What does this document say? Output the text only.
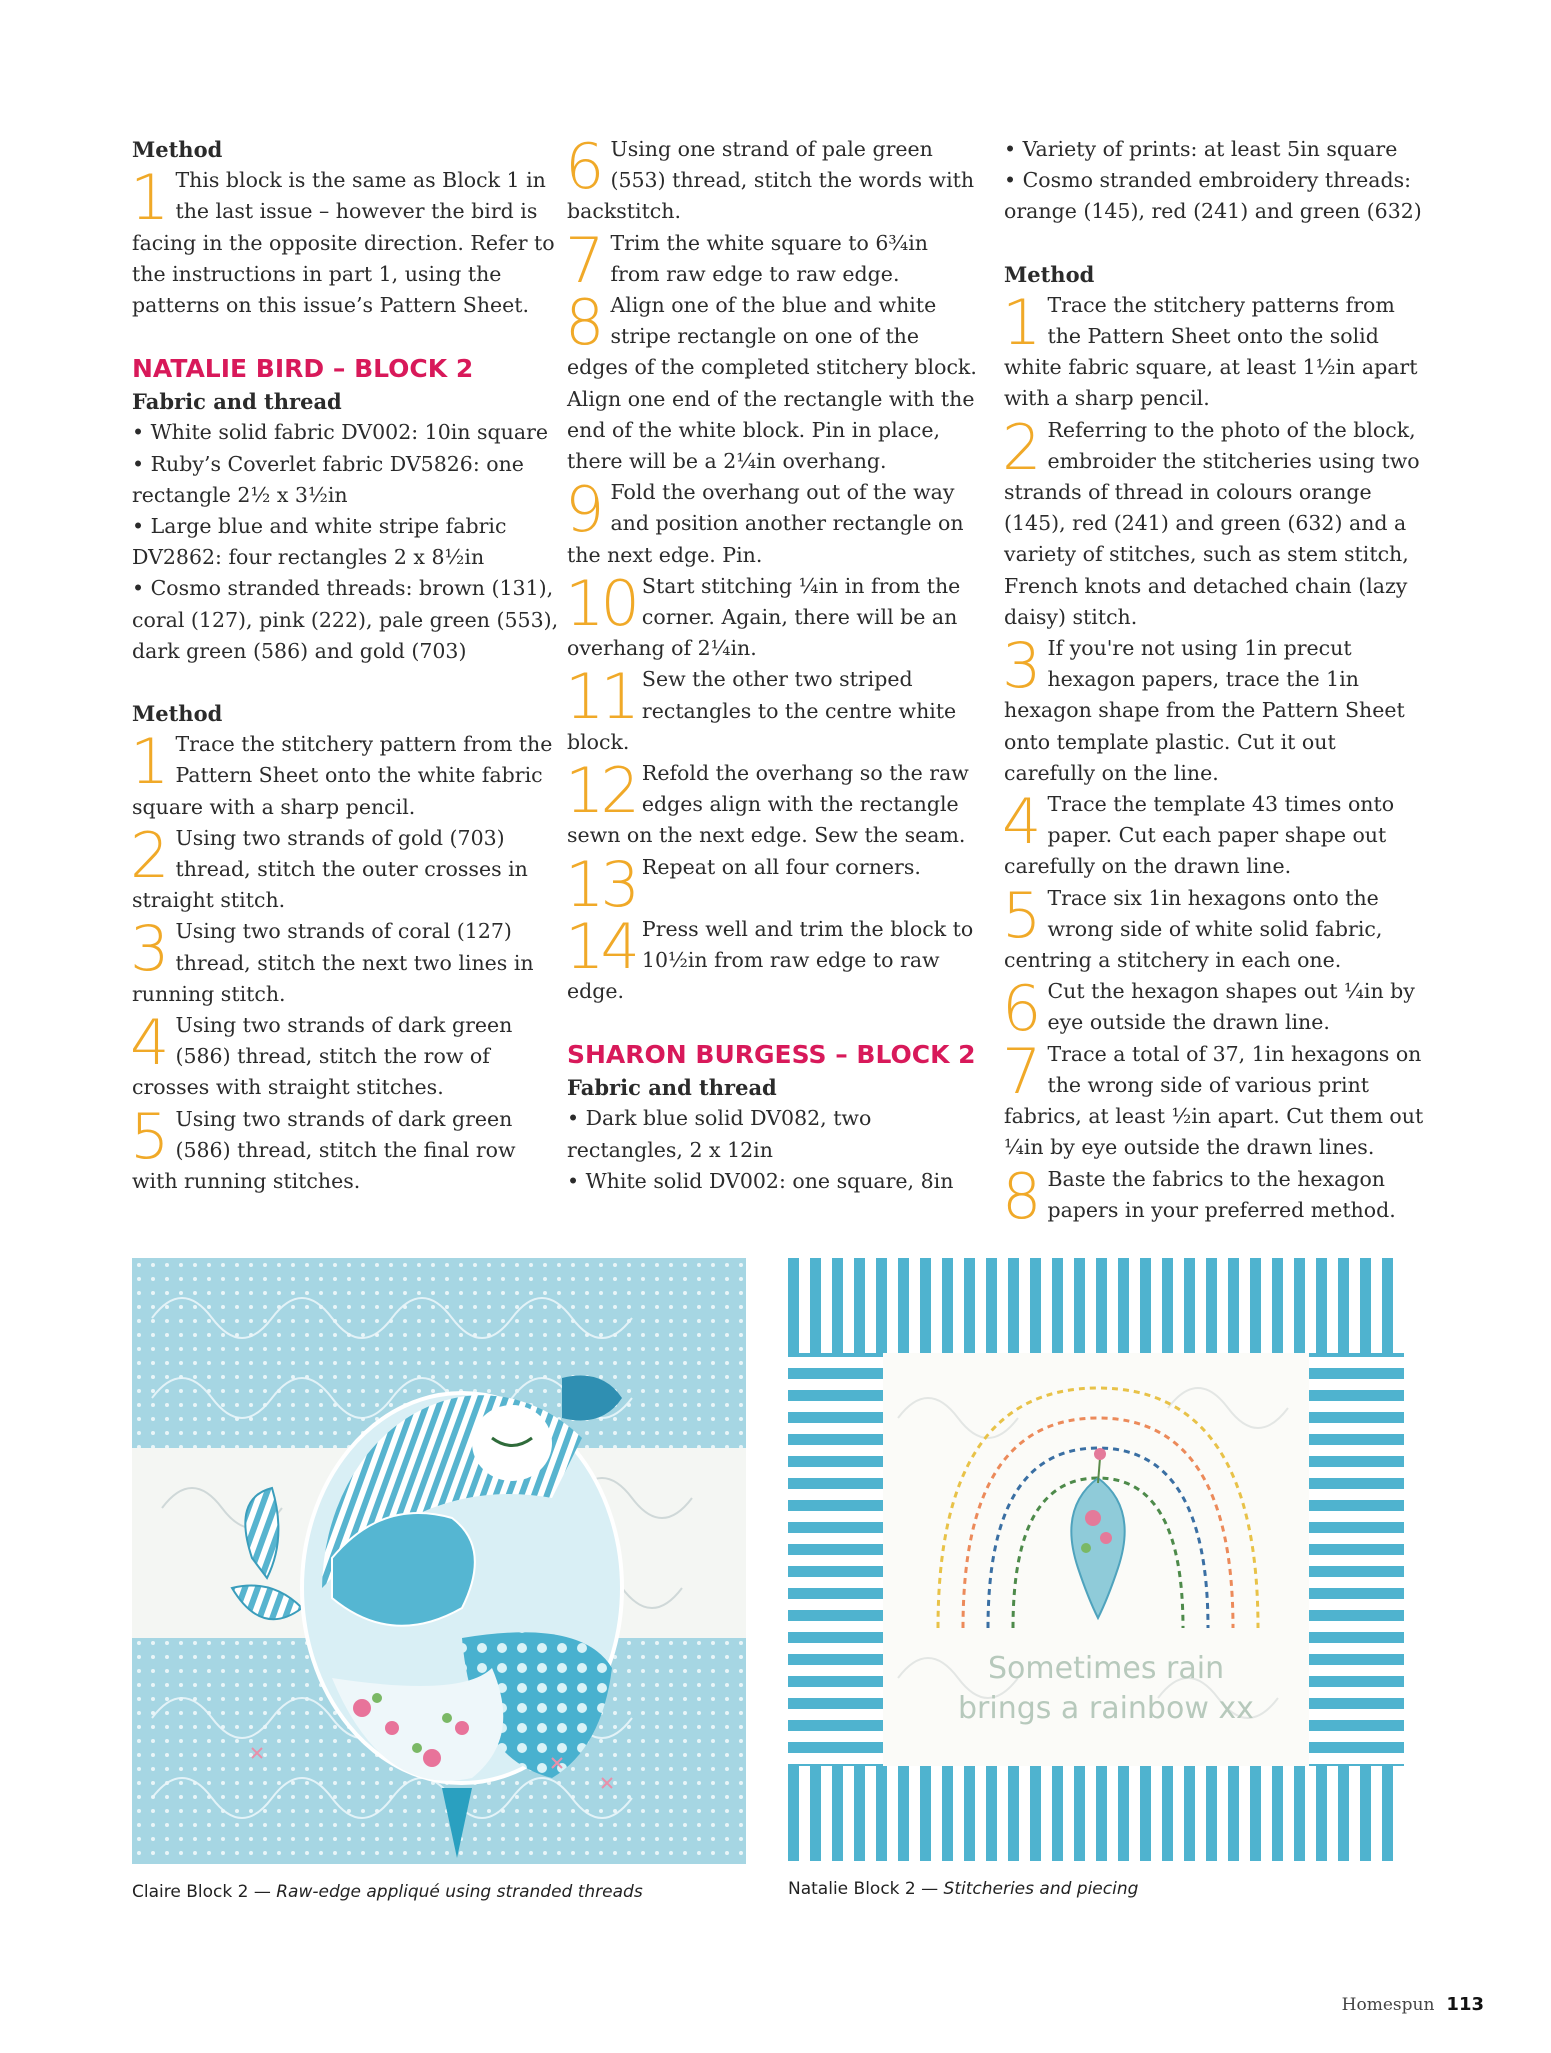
Method

1 This block is the same as Block 1 in the last issue – however the bird is facing in the opposite direction. Refer to the instructions in part 1, using the patterns on this issue’s Pattern Sheet.

NATALIE BIRD – BLOCK 2

Fabric and thread

• White solid fabric DV002: 10in square

• Ruby’s Coverlet fabric DV5826: one rectangle 2½ x 3½in

• Large blue and white stripe fabric DV2862: four rectangles 2 x 8½in

• Cosmo stranded threads: brown (131), coral (127), pink (222), pale green (553), dark green (586) and gold (703)

Method

1 Trace the stitchery pattern from the Pattern Sheet onto the white fabric square with a sharp pencil.

2 Using two strands of gold (703) thread, stitch the outer crosses in straight stitch.

3 Using two strands of coral (127) thread, stitch the next two lines in running stitch.

4 Using two strands of dark green (586) thread, stitch the row of crosses with straight stitches.

5 Using two strands of dark green (586) thread, stitch the final row with running stitches.

6 Using one strand of pale green (553) thread, stitch the words with backstitch.

7 Trim the white square to 6¾in from raw edge to raw edge.

8 Align one of the blue and white stripe rectangle on one of the edges of the completed stitchery block. Align one end of the rectangle with the end of the white block. Pin in place, there will be a 2¼in overhang.

9 Fold the overhang out of the way and position another rectangle on the next edge. Pin.

10 Start stitching ¼in in from the corner. Again, there will be an overhang of 2¼in.

11 Sew the other two striped rectangles to the centre white block.

12 Refold the overhang so the raw edges align with the rectangle sewn on the next edge. Sew the seam.

13 Repeat on all four corners.

14 Press well and trim the block to 10½in from raw edge to raw edge.

SHARON BURGESS – BLOCK 2

Fabric and thread

• Dark blue solid DV082, two rectangles, 2 x 12in

• White solid DV002: one square, 8in

• Variety of prints: at least 5in square

• Cosmo stranded embroidery threads: orange (145), red (241) and green (632)

Method

1 Trace the stitchery patterns from the Pattern Sheet onto the solid white fabric square, at least 1½in apart with a sharp pencil.

2 Referring to the photo of the block, embroider the stitcheries using two strands of thread in colours orange (145), red (241) and green (632) and a variety of stitches, such as stem stitch, French knots and detached chain (lazy daisy) stitch.

3 If you're not using 1in precut hexagon papers, trace the 1in hexagon shape from the Pattern Sheet onto template plastic. Cut it out carefully on the line.

4 Trace the template 43 times onto paper. Cut each paper shape out carefully on the drawn line.

5 Trace six 1in hexagons onto the wrong side of white solid fabric, centring a stitchery in each one.

6 Cut the hexagon shapes out ¼in by eye outside the drawn line.

7 Trace a total of 37, 1in hexagons on the wrong side of various print fabrics, at least ½in apart. Cut them out ¼in by eye outside the drawn lines.

8 Baste the fabrics to the hexagon papers in your preferred method.

Sometimes rain
brings a rainbow xx
Claire Block 2 — Raw-edge appliqué using stranded threads	Natalie Block 2 — Stitcheries and piecing
Homespun 113
